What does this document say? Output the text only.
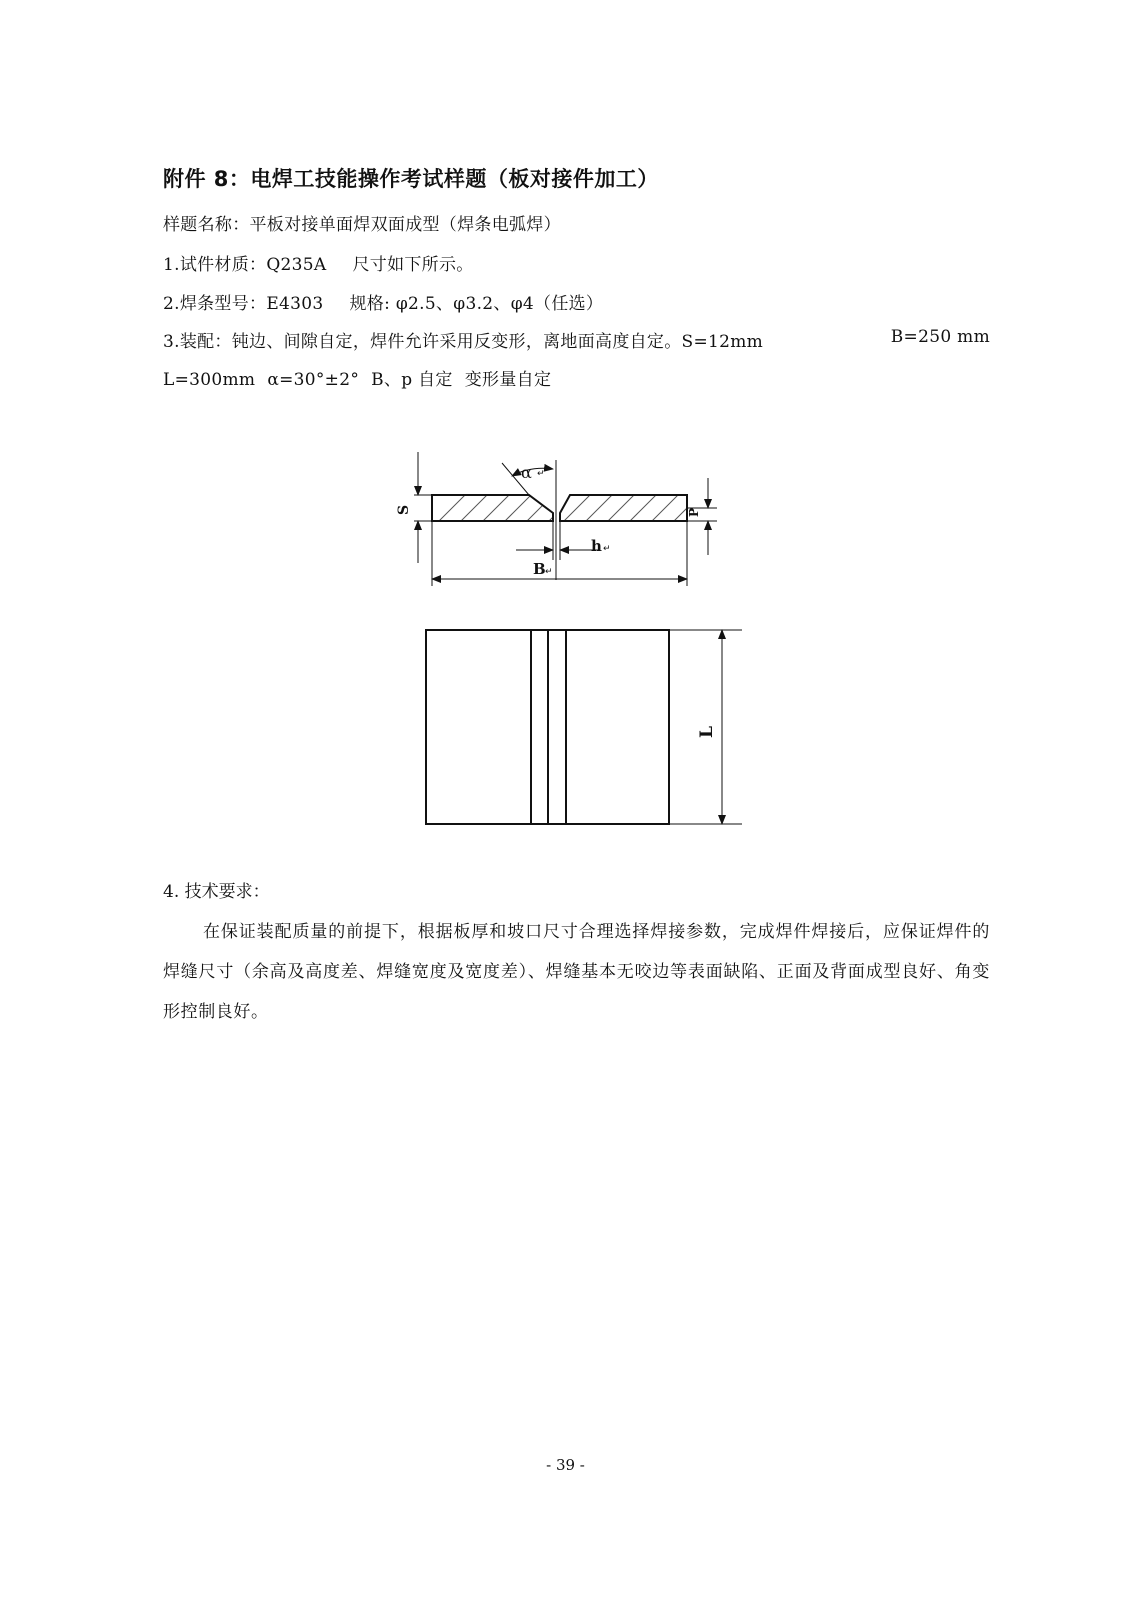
附件 8：电焊工技能操作考试样题（板对接件加工）
样题名称：平板对接单面焊双面成型（焊条电弧焊）
1.试件材质：Q235A 尺寸如下所示。
2.焊条型号：E4303 规格: φ2.5、φ3.2、φ4（任选）
3.装配：钝边、间隙自定，焊件允许采用反变形，离地面高度自定。S=12mm	B=250 mm
L=300mm α=30°±2° B、p 自定 变形量自定
α ↵
S	P
h ↵
B ↵
L
4. 技术要求：
在保证装配质量的前提下，根据板厚和坡口尺寸合理选择焊接参数，完成焊件焊接后，应保证焊件的焊缝尺寸（余高及高度差、焊缝宽度及宽度差）、焊缝基本无咬边等表面缺陷、正面及背面成型良好、角变形控制良好。
- 39 -
